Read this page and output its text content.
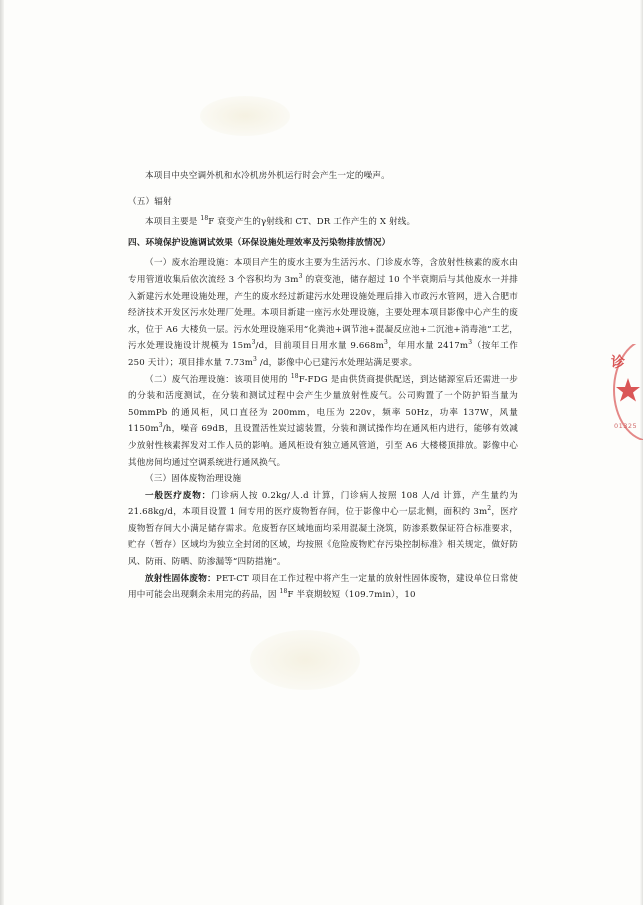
本项目中央空调外机和水冷机房外机运行时会产生一定的噪声。

（五）辐射

本项目主要是 $^{18}$F 衰变产生的γ射线和 CT、DR 工作产生的 X 射线。

四、环境保护设施调试效果（环保设施处理效率及污染物排放情况）

（一）废水治理设施：本项目产生的废水主要为生活污水、门诊废水等，含放射性核素的废水由专用管道收集后依次流经 3 个容积均为 $3m^3$ 的衰变池，储存超过 10 个半衰期后与其他废水一并排入新建污水处理设施处理，产生的废水经过新建污水处理设施处理后排入市政污水管网，进入合肥市经济技术开发区污水处理厂处理。本项目新建一座污水处理设施，主要处理本项目影像中心产生的废水，位于 A6 大楼负一层。污水处理设施采用“化粪池+调节池+混凝反应池+二沉池+消毒池”工艺，污水处理设施设计规模为 $15m^3/d$，目前项目日用水量 $9.668m^3$，年用水量 $2417m^3$（按年工作 250 天计）；项目排水量 $7.73m^3$ /d，影像中心已建污水处理站满足要求。

（二）废气治理设施：该项目使用的 $^{18}$F-FDG 是由供货商提供配送，到达储源室后还需进一步的分装和活度测试，在分装和测试过程中会产生少量放射性废气。公司购置了一个防护铅当量为 50mmPb 的通风柜，风口直径为 200mm，电压为 220v，频率 50Hz，功率 137W，风量 $1150m^3/h$，噪音 69dB，且设置活性炭过滤装置，分装和测试操作均在通风柜内进行，能够有效减少放射性核素挥发对工作人员的影响。通风柜设有独立通风管道，引至 A6 大楼楼顶排放。影像中心其他房间均通过空调系统进行通风换气。

（三）固体废物治理设施

一般医疗废物：门诊病人按 0.2kg/人.d 计算，门诊病人按照 108 人/d 计算，产生量约为 21.68kg/d，本项目设置 1 间专用的医疗废物暂存间，位于影像中心一层北侧，面积约 $3m^2$，医疗废物暂存间大小满足储存需求。危废暂存区域地面均采用混凝土浇筑，防渗系数保证符合标准要求，贮存（暂存）区域均为独立全封闭的区域，均按照《危险废物贮存污染控制标准》相关规定，做好防风、防雨、防晒、防渗漏等“四防措施”。

放射性固体废物：PET-CT 项目在工作过程中将产生一定量的放射性固体废物，建设单位日常使用中可能会出现剩余未用完的药品，因 $^{18}$F 半衰期较短（109.7min），10

诊
01325
